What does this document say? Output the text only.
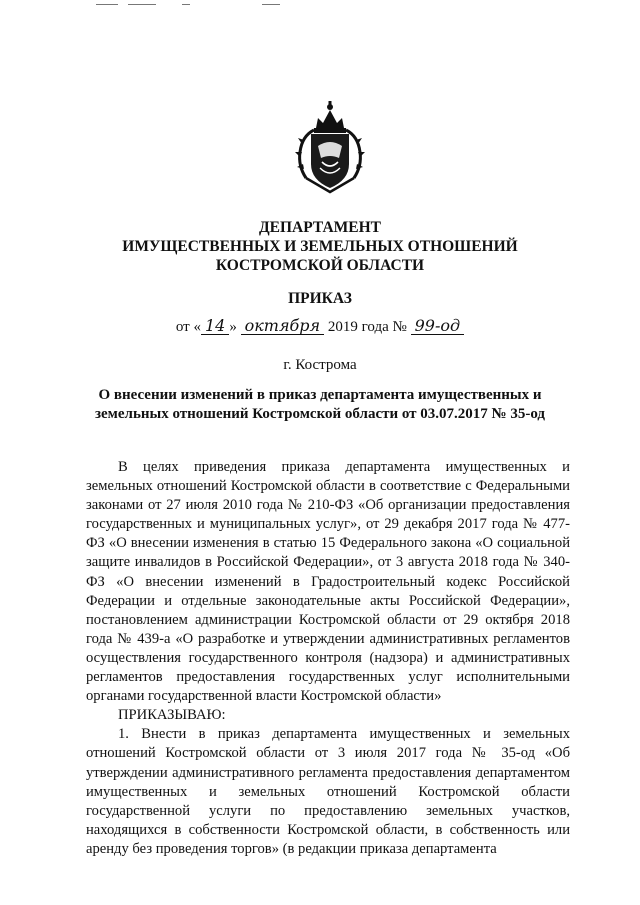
ДЕПАРТАМЕНТ
ИМУЩЕСТВЕННЫХ И ЗЕМЕЛЬНЫХ ОТНОШЕНИЙ
КОСТРОМСКОЙ ОБЛАСТИ
ПРИКАЗ
от « 14 » октября 2019 года № 99-од
г. Кострома
О внесении изменений в приказ департамента имущественных и
земельных отношений Костромской области от 03.07.2017 № 35-од

В целях приведения приказа департамента имущественных и земельных отношений Костромской области в соответствие с Федеральными законами от 27 июля 2010 года № 210-ФЗ «Об организации предоставления государственных и муниципальных услуг», от 29 декабря 2017 года № 477-ФЗ «О внесении изменения в статью 15 Федерального закона «О социальной защите инвалидов в Российской Федерации», от 3 августа 2018 года № 340-ФЗ «О внесении изменений в Градостроительный кодекс Российской Федерации и отдельные законодательные акты Российской Федерации», постановлением администрации Костромской области от 29 октября 2018 года № 439-а «О разработке и утверждении административных регламентов осуществления государственного контроля (надзора) и административных регламентов предоставления государственных услуг исполнительными органами государственной власти Костромской области»

ПРИКАЗЫВАЮ:

1. Внести в приказ департамента имущественных и земельных отношений Костромской области от 3 июля 2017 года № 35-од «Об утверждении административного регламента предоставления департаментом имущественных и земельных отношений Костромской области государственной услуги по предоставлению земельных участков, находящихся в собственности Костромской области, в собственность или аренду без проведения торгов» (в редакции приказа департамента
